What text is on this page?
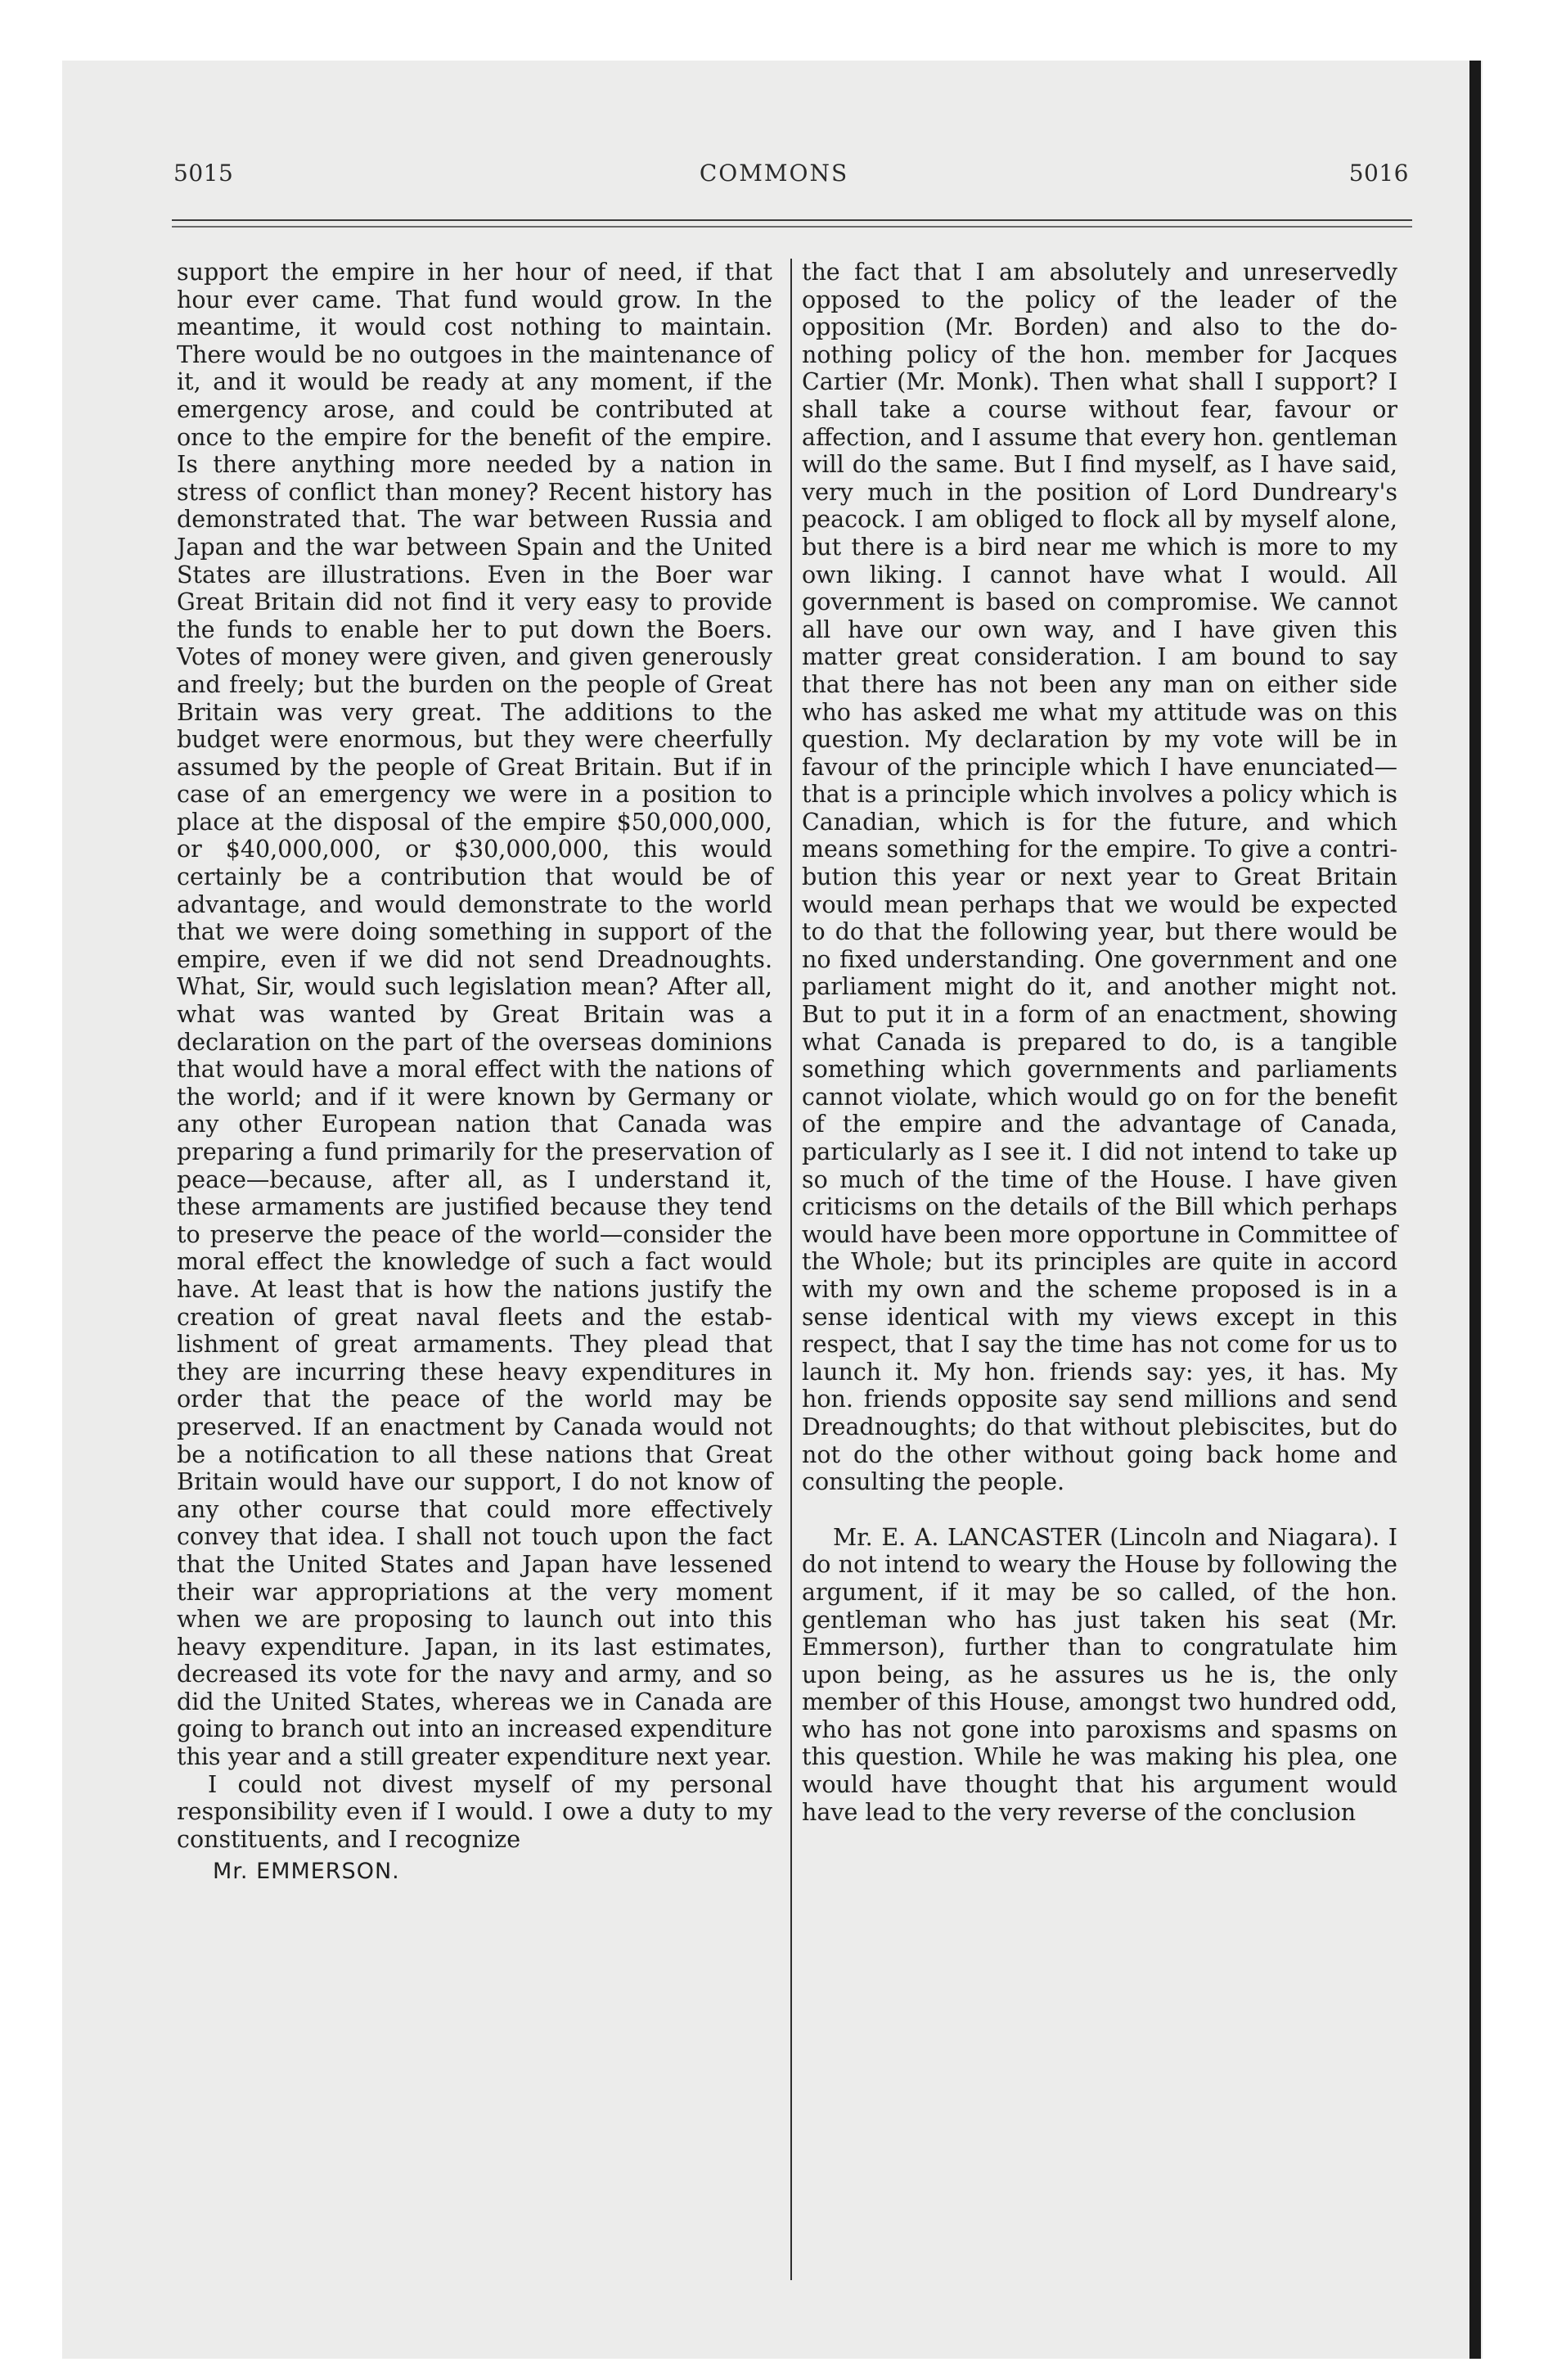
COMMONS
5015	5016

support the empire in her hour of need, if that hour ever came. That fund would grow. In the meantime, it would cost nothing to maintain. There would be no outgoes in the maintenance of it, and it would be ready at any moment, if the emergency arose, and could be contributed at once to the empire for the benefit of the empire. Is there anything more needed by a nation in stress of conflict than money? Recent history has demonstrated that. The war between Russia and Japan and the war between Spain and the United States are illustrations. Even in the Boer war Great Britain did not find it very easy to provide the funds to enable her to put down the Boers. Votes of money were given, and given generously and freely; but the burden on the people of Great Britain was very great. The additions to the budget were enormous, but they were cheerfully assumed by the people of Great Britain. But if in case of an emergency we were in a position to place at the disposal of the empire $50,000,000, or $40,000,000, or $30,000,000, this would certainly be a contribution that would be of advantage, and would demonstrate to the world that we were doing something in support of the empire, even if we did not send Dreadnoughts. What, Sir, would such legislation mean? After all, what was wanted by Great Britain was a declaration on the part of the overseas dominions that would have a moral effect with the nations of the world; and if it were known by Germany or any other European nation that Canada was preparing a fund primarily for the preservation of peace—because, after all, as I understand it, these armaments are justified because they tend to preserve the peace of the world—consider the moral effect the knowledge of such a fact would have. At least that is how the nations justify the creation of great naval fleets and the establishment of great armaments. They plead that they are incurring these heavy expenditures in order that the peace of the world may be preserved. If an enactment by Canada would not be a notification to all these nations that Great Britain would have our support, I do not know of any other course that could more effectively convey that idea. I shall not touch upon the fact that the United States and Japan have lessened their war appropriations at the very moment when we are proposing to launch out into this heavy expenditure. Japan, in its last estimates, decreased its vote for the navy and army, and so did the United States, whereas we in Canada are going to branch out into an increased expenditure this year and a still greater expenditure next year.

I could not divest myself of my personal responsibility even if I would. I owe a duty to my constituents, and I recognize

Mr. EMMERSON.

the fact that I am absolutely and unreservedly opposed to the policy of the leader of the opposition (Mr. Borden) and also to the do-nothing policy of the hon. member for Jacques Cartier (Mr. Monk). Then what shall I support? I shall take a course without fear, favour or affection, and I assume that every hon. gentleman will do the same. But I find myself, as I have said, very much in the position of Lord Dundreary's peacock. I am obliged to flock all by myself alone, but there is a bird near me which is more to my own liking. I cannot have what I would. All government is based on compromise. We cannot all have our own way, and I have given this matter great consideration. I am bound to say that there has not been any man on either side who has asked me what my attitude was on this question. My declaration by my vote will be in favour of the principle which I have enunciated—that is a principle which involves a policy which is Canadian, which is for the future, and which means something for the empire. To give a contribution this year or next year to Great Britain would mean perhaps that we would be expected to do that the following year, but there would be no fixed understanding. One government and one parliament might do it, and another might not. But to put it in a form of an enactment, showing what Canada is prepared to do, is a tangible something which governments and parliaments cannot violate, which would go on for the benefit of the empire and the advantage of Canada, particularly as I see it. I did not intend to take up so much of the time of the House. I have given criticisms on the details of the Bill which perhaps would have been more opportune in Committee of the Whole; but its principles are quite in accord with my own and the scheme proposed is in a sense identical with my views except in this respect, that I say the time has not come for us to launch it. My hon. friends say: yes, it has. My hon. friends opposite say send millions and send Dreadnoughts; do that without plebiscites, but do not do the other without going back home and consulting the people.

Mr. E. A. LANCASTER (Lincoln and Niagara). I do not intend to weary the House by following the argument, if it may be so called, of the hon. gentleman who has just taken his seat (Mr. Emmerson), further than to congratulate him upon being, as he assures us he is, the only member of this House, amongst two hundred odd, who has not gone into paroxisms and spasms on this question. While he was making his plea, one would have thought that his argument would have lead to the very reverse of the conclusion
